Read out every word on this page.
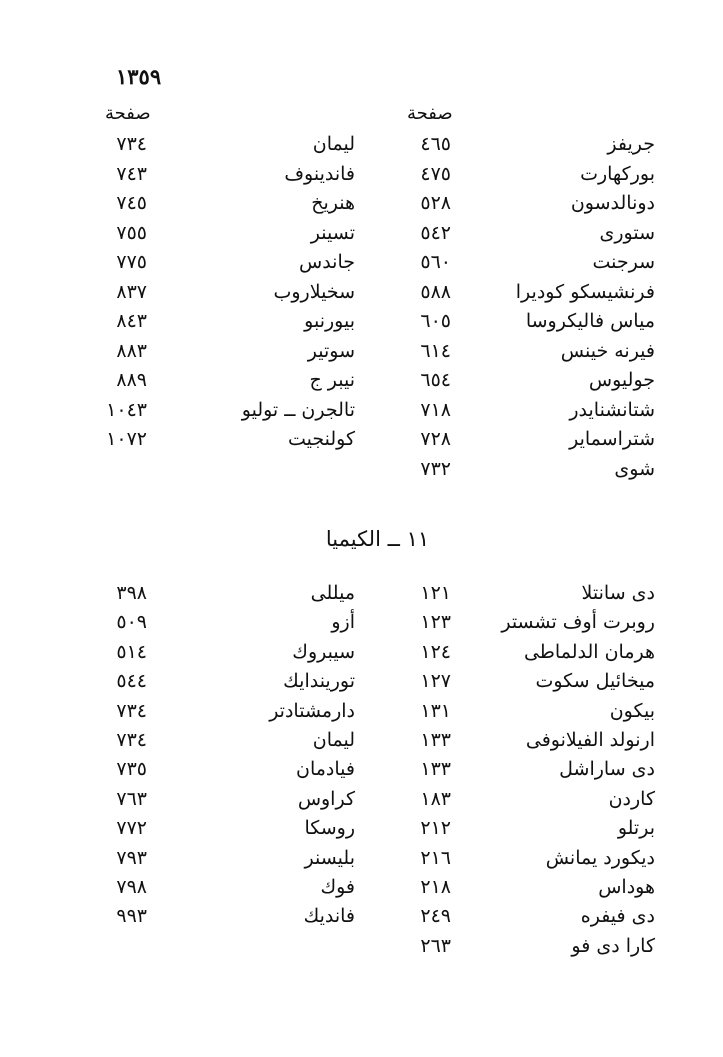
١٣٥٩
صفحة
صفحة
جريفز
٤٦٥
ليمان
٧٣٤
بوركهارت
٤٧٥
فاندينوف
٧٤٣
دونالدسون
٥٢٨
هنريخ
٧٤٥
ستورى
٥٤٢
تسينر
٧٥٥
سرجنت
٥٦٠
جاندس
٧٧٥
فرنشيسكو كوديرا
٥٨٨
سخيلاروب
٨٣٧
مياس فاليكروسا
٦٠٥
بيورنبو
٨٤٣
فيرنه خينس
٦١٤
سوتير
٨٨٣
جوليوس
٦٥٤
نيبر ج
٨٨٩
شتانشنايدر
٧١٨
تالجرن ــ توليو
١٠٤٣
شتراسماير
٧٢٨
كولنجيت
١٠٧٢
شوى
٧٣٢
١١ ــ الكيميا
دى سانتلا
١٢١
ميللى
٣٩٨
روبرت أوف تشستر
١٢٣
أزو
٥٠٩
هرمان الدلماطى
١٢٤
سيبروك
٥١٤
ميخائيل سكوت
١٢٧
توريندايك
٥٤٤
بيكون
١٣١
دارمشتادتر
٧٣٤
ارنولد الفيلانوفى
١٣٣
ليمان
٧٣٤
دى ساراشل
١٣٣
فيادمان
٧٣٥
كاردن
١٨٣
كراوس
٧٦٣
برتلو
٢١٢
روسكا
٧٧٢
ديكورد يمانش
٢١٦
بليسنر
٧٩٣
هوداس
٢١٨
فوك
٧٩٨
دى فيفره
٢٤٩
فانديك
٩٩٣
كارا دى فو
٢٦٣
